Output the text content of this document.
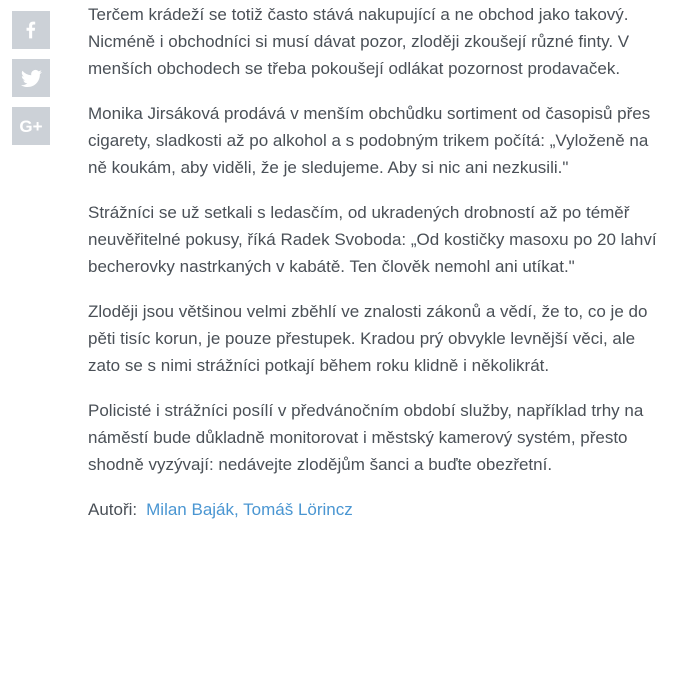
G+

Terčem krádeží se totiž často stává nakupující a ne obchod jako takový. Nicméně i obchodníci si musí dávat pozor, zloději zkoušejí různé finty. V menších obchodech se třeba pokoušejí odlákat pozornost prodavaček.

Monika Jirsáková prodává v menším obchůdku sortiment od časopisů přes cigarety, sladkosti až po alkohol a s podobným trikem počítá: „Vyloženě na ně koukám, aby viděli, že je sledujeme. Aby si nic ani nezkusili."

Strážníci se už setkali s ledasčím, od ukradených drobností až po téměř neuvěřitelné pokusy, říká Radek Svoboda: „Od kostičky masoxu po 20 lahví becherovky nastrkaných v kabátě. Ten člověk nemohl ani utíkat."

Zloději jsou většinou velmi zběhlí ve znalosti zákonů a vědí, že to, co je do pěti tisíc korun, je pouze přestupek. Kradou prý obvykle levnější věci, ale zato se s nimi strážníci potkají během roku klidně i několikrát.

Policisté i strážníci posílí v předvánočním období služby, například trhy na náměstí bude důkladně monitorovat i městský kamerový systém, přesto shodně vyzývají: nedávejte zlodějům šanci a buďte obezřetní.

Autoři: Milan Baják, Tomáš Lörincz
